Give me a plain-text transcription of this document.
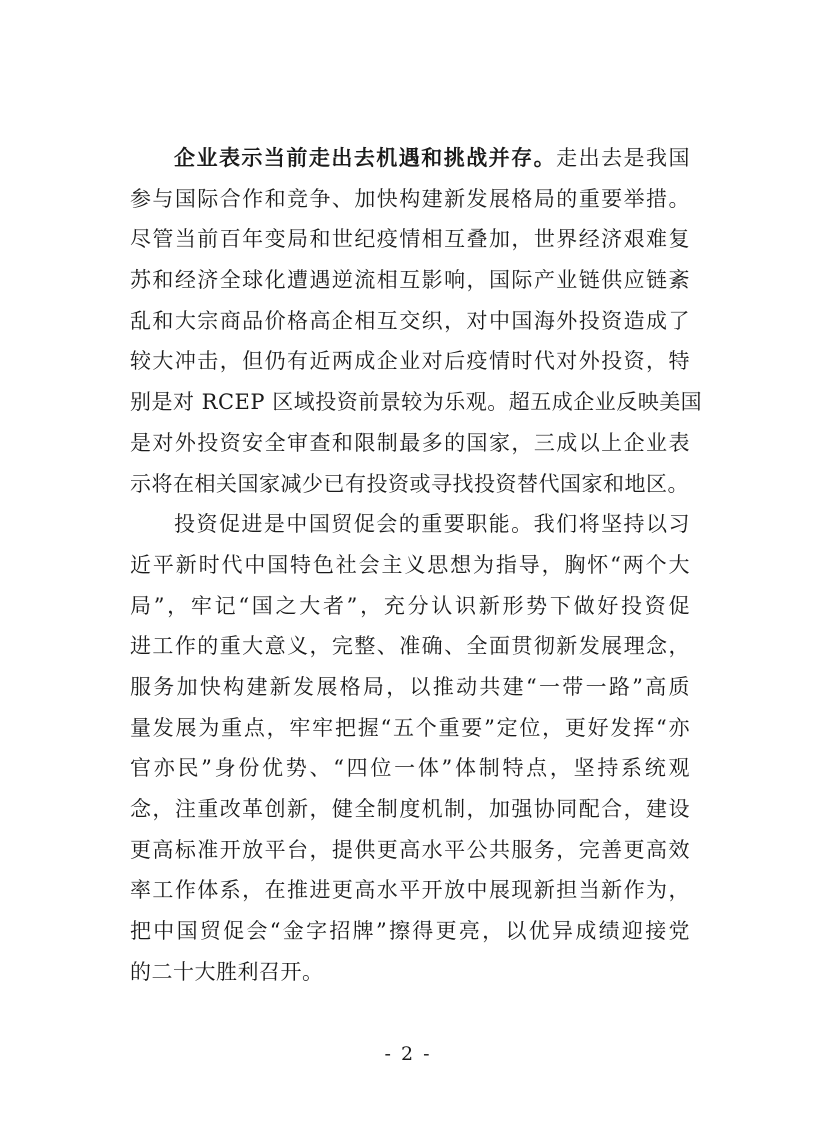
企业表示当前走出去机遇和挑战并存。走出去是我国
参与国际合作和竞争、加快构建新发展格局的重要举措。
尽管当前百年变局和世纪疫情相互叠加，世界经济艰难复
苏和经济全球化遭遇逆流相互影响，国际产业链供应链紊
乱和大宗商品价格高企相互交织，对中国海外投资造成了
较大冲击，但仍有近两成企业对后疫情时代对外投资，特
别是对 RCEP 区域投资前景较为乐观。超五成企业反映美国
是对外投资安全审查和限制最多的国家，三成以上企业表
示将在相关国家减少已有投资或寻找投资替代国家和地区。
投资促进是中国贸促会的重要职能。我们将坚持以习
近平新时代中国特色社会主义思想为指导，胸怀“两个大
局”，牢记“国之大者”，充分认识新形势下做好投资促
进工作的重大意义，完整、准确、全面贯彻新发展理念，
服务加快构建新发展格局，以推动共建“一带一路”高质
量发展为重点，牢牢把握“五个重要”定位，更好发挥“亦
官亦民”身份优势、“四位一体”体制特点，坚持系统观
念，注重改革创新，健全制度机制，加强协同配合，建设
更高标准开放平台，提供更高水平公共服务，完善更高效
率工作体系，在推进更高水平开放中展现新担当新作为，
把中国贸促会“金字招牌”擦得更亮，以优异成绩迎接党
的二十大胜利召开。
- 2 -
